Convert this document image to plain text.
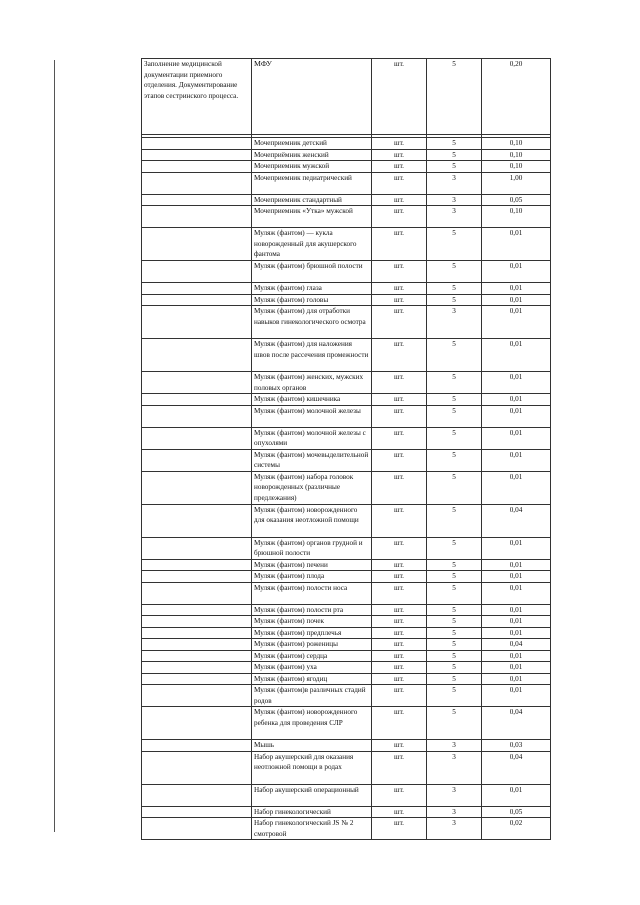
Заполнение медицинской документации приемного отделения. Документирование этапов сестринского процесса.	МФУ	шт.	5	0,20

	Мочеприемник детский	шт.	5	0,10
	Мочеприёмник женский	шт.	5	0,10
	Мочеприемник мужской	шт.	5	0,10
	Мочеприемник педиатрический	шт.	3	1,00
	Мочеприемник стандартный	шт.	3	0,05
	Мочеприемник «Утка» мужской	шт.	3	0,10
	Муляж (фантом) — кукла новорожденный для акушерского фантома	шт.	5	0,01
	Муляж (фантом) брюшной полости	шт.	5	0,01
	Муляж (фантом) глаза	шт.	5	0,01
	Муляж (фантом) головы	шт.	5	0,01
	Муляж (фантом) для отработки навыков гинекологического осмотра	шт.	3	0,01
	Муляж (фантом) для наложения швов после рассечения промежности	шт.	5	0,01
	Муляж (фантом) женских, мужских половых органов	шт.	5	0,01
	Муляж (фантом) кишечника	шт.	5	0,01
	Муляж (фантом) молочной железы	шт.	5	0,01
	Муляж (фантом) молочной железы с опухолями	шт.	5	0,01
	Муляж (фантом) мочевыделительной системы	шт.	5	0,01
	Муляж (фантом) набора головок новорожденных (различные предлежания)	шт.	5	0,01
	Муляж (фантом) новорожденного для оказания неотложной помощи	шт.	5	0,04
	Муляж (фантом) органов грудной и брюшной полости	шт.	5	0,01
	Муляж (фантом) печени	шт.	5	0,01
	Муляж (фантом) плода	шт.	5	0,01
	Муляж (фантом) полости носа	шт.	5	0,01
	Муляж (фантом) полости рта	шт.	5	0,01
	Муляж (фантом) почек	шт.	5	0,01
	Муляж (фантом) предплечья	шт.	5	0,01
	Муляж (фантом) роженицы	шт.	5	0,04
	Муляж (фантом) сердца	шт.	5	0,01
	Муляж (фантом) уха	шт.	5	0,01
	Муляж (фантом) ягодиц	шт.	5	0,01
	Муляж (фантом)в различных стадий родов	шт.	5	0,01
	Муляж (фантом) новорожденного ребенка для проведения СЛР	шт.	5	0,04
	Мышь	шт.	3	0,03
	Набор акушерский для оказания неотложной помощи в родах	шт.	3	0,04
	Набор акушерский операционный	шт.	3	0,01
	Набор гинекологический	шт.	3	0,05
	Набор гинекологический JS № 2 смотровой	шт.	3	0,02
